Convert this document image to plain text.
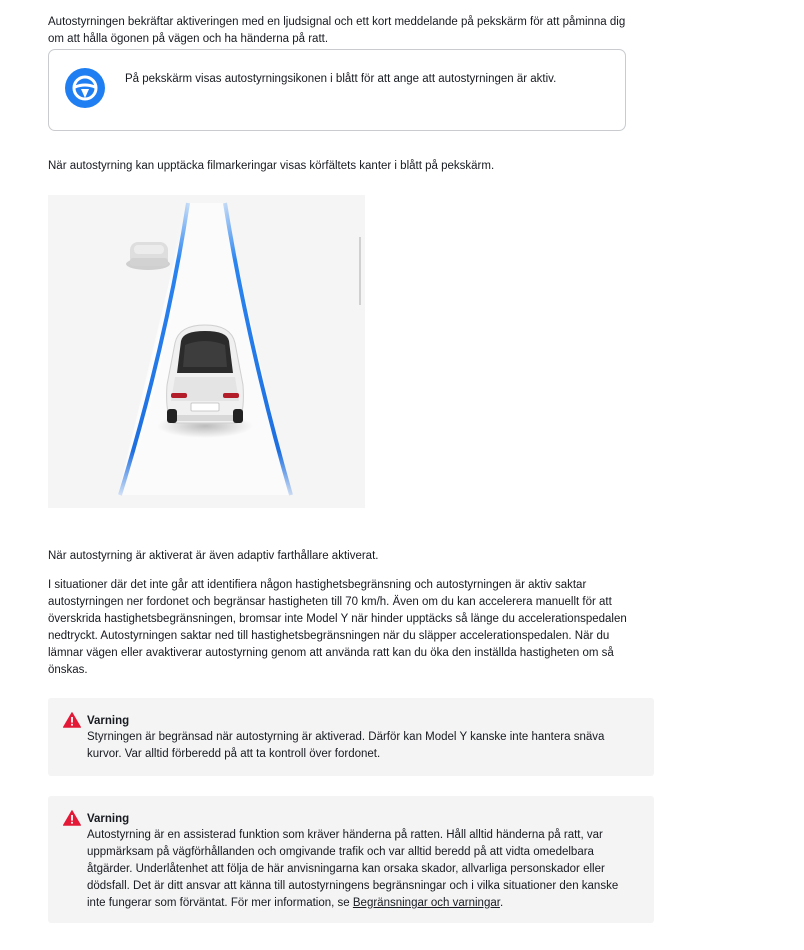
Autostyrningen bekräftar aktiveringen med en ljudsignal och ett kort meddelande på pekskärm för att påminna dig om att hålla ögonen på vägen och ha händerna på ratt.

På pekskärm visas autostyrningsikonen i blått för att ange att autostyrningen är aktiv.

När autostyrning kan upptäcka filmarkeringar visas körfältets kanter i blått på pekskärm.

När autostyrning är aktiverat är även adaptiv farthållare aktiverat.

I situationer där det inte går att identifiera någon hastighetsbegränsning och autostyrningen är aktiv saktar autostyrningen ner fordonet och begränsar hastigheten till 70 km/h. Även om du kan accelerera manuellt för att överskrida hastighetsbegränsningen, bromsar inte Model Y när hinder upptäcks så länge du accelerationspedalen nedtryckt. Autostyrningen saktar ned till hastighetsbegränsningen när du släpper accelerationspedalen. När du lämnar vägen eller avaktiverar autostyrning genom att använda ratt kan du öka den inställda hastigheten om så önskas.

Varning

Styrningen är begränsad när autostyrning är aktiverad. Därför kan Model Y kanske inte hantera snäva kurvor. Var alltid förberedd på att ta kontroll över fordonet.

Varning

Autostyrning är en assisterad funktion som kräver händerna på ratten. Håll alltid händerna på ratt, var uppmärksam på vägförhållanden och omgivande trafik och var alltid beredd på att vidta omedelbara åtgärder. Underlåtenhet att följa de här anvisningarna kan orsaka skador, allvarliga personskador eller dödsfall. Det är ditt ansvar att känna till autostyrningens begränsningar och i vilka situationer den kanske inte fungerar som förväntat. För mer information, se Begränsningar och varningar.
